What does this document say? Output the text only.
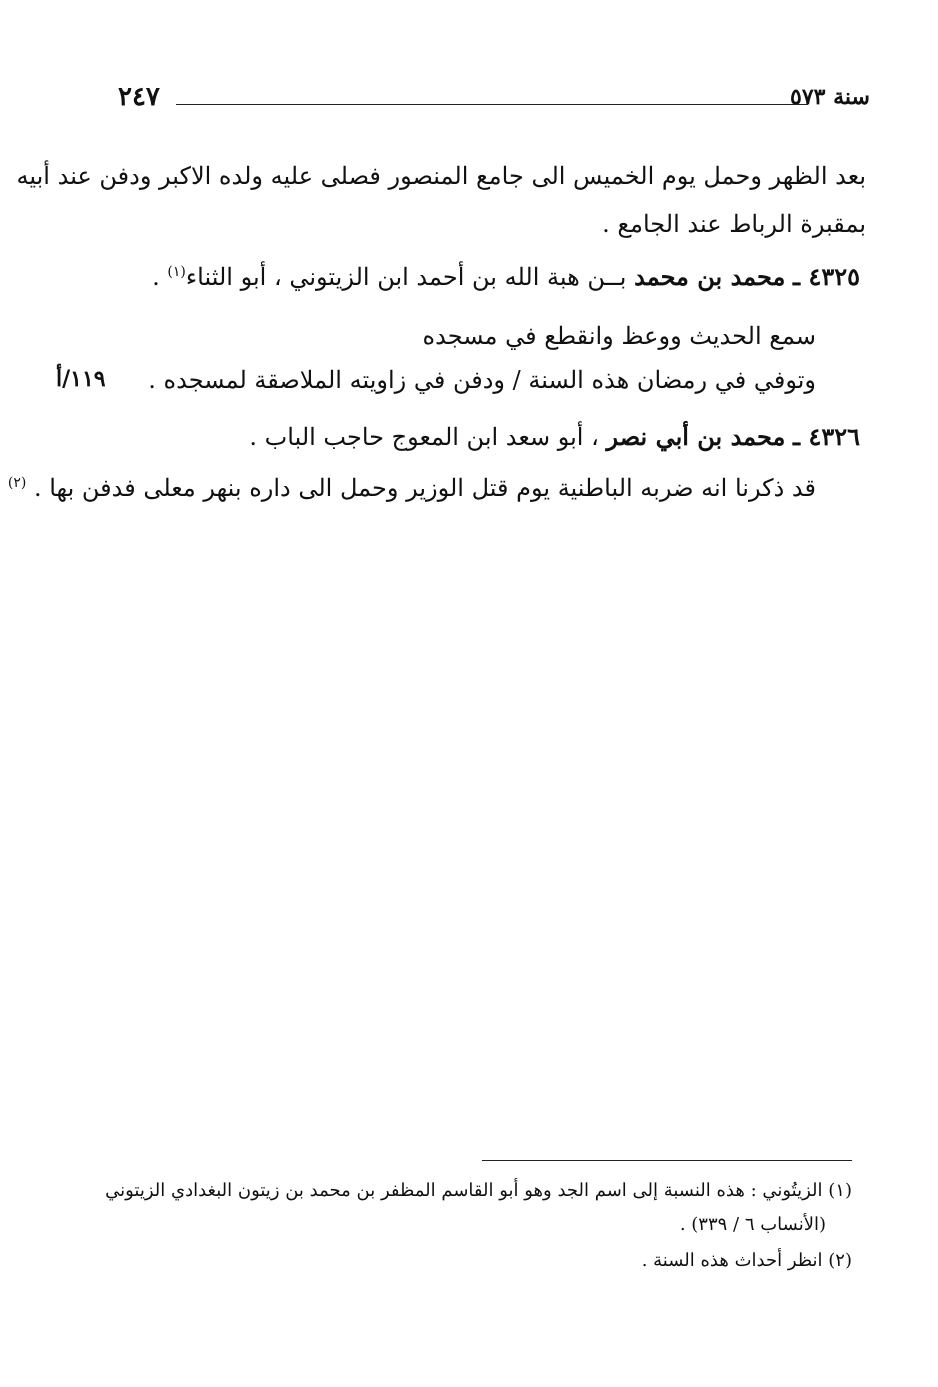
سنة ٥٧٣
٢٤٧
بعد الظهر وحمل يوم الخميس الى جامع المنصور فصلى عليه ولده الاكبر ودفن عند أبيه
بمقبرة الرباط عند الجامع .
٤٣٢٥ ـ محمد بن محمد بــن هبة الله بن أحمد ابن الزيتوني ، أبو الثناء$^{(١)}$ .
سمع الحديث ووعظ وانقطع في مسجده
وتوفي في رمضان هذه السنة / ودفن في زاويته الملاصقة لمسجده .
١١٩/أ
٤٣٢٦ ـ محمد بن أبي نصر ، أبو سعد ابن المعوج حاجب الباب .
قد ذكرنا انه ضربه الباطنية يوم قتل الوزير وحمل الى داره بنهر معلى فدفن بها . $^{(٢)}$
(١) الزيتُوني : هذه النسبة إلى اسم الجد وهو أبو القاسم المظفر بن محمد بن زيتون البغدادي الزيتوني
(الأنساب ٦ / ٣٣٩) .
(٢) انظر أحداث هذه السنة .
